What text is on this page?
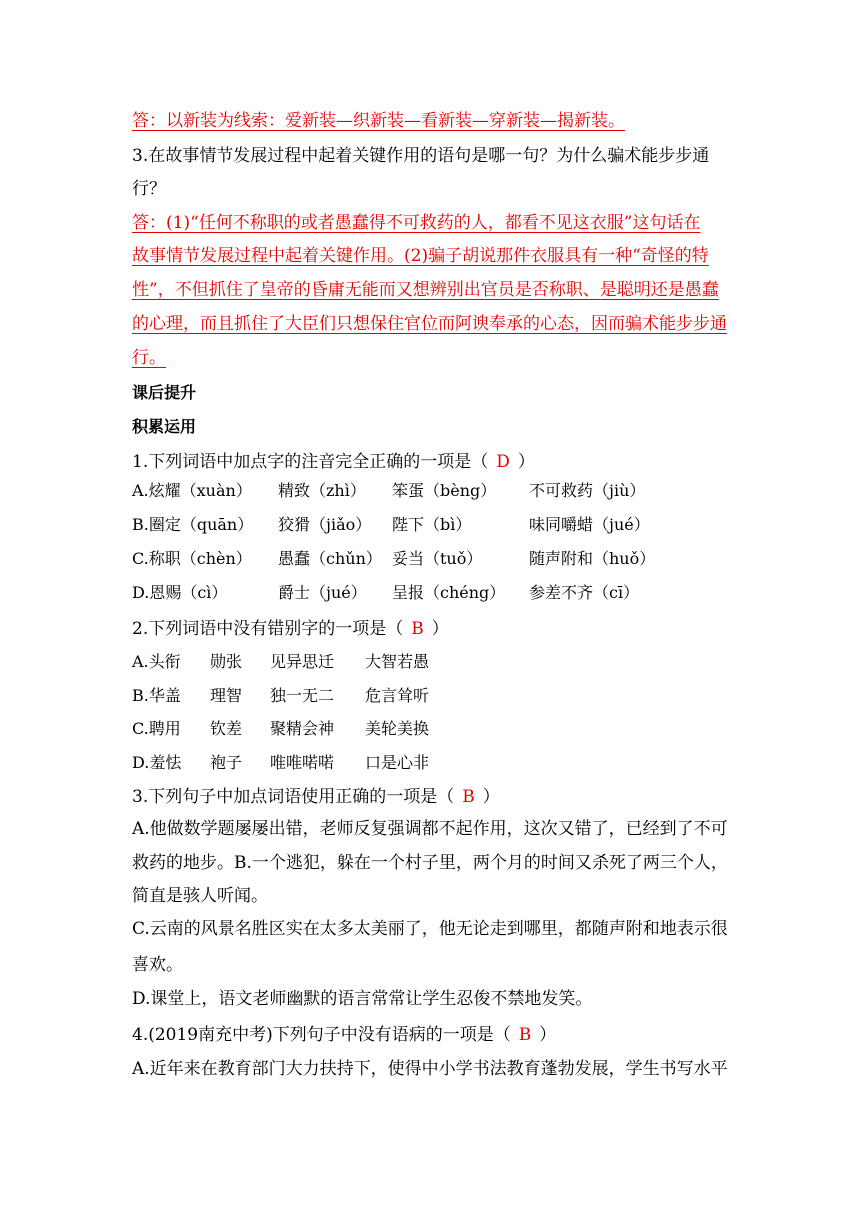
答：以新装为线索：爱新装—织新装—看新装—穿新装—揭新装。
3.在故事情节发展过程中起着关键作用的语句是哪一句？为什么骗术能步步通
行？
答：(1)“任何不称职的或者愚蠢得不可救药的人，都看不见这衣服”这句话在
故事情节发展过程中起着关键作用。(2)骗子胡说那件衣服具有一种“奇怪的特
性”，不但抓住了皇帝的昏庸无能而又想辨别出官员是否称职、是聪明还是愚蠢
的心理，而且抓住了大臣们只想保住官位而阿谀奉承的心态，因而骗术能步步通
行。
课后提升
积累运用
1.下列词语中加点字的注音完全正确的一项是（ D ）
A.炫耀（xuàn） 精致（zhì） 笨蛋（bèng） 不可救药（jiù）
B.圈定（quān） 狡猾（jiǎo） 陛下（bì）	味同嚼蜡（jué）
C.称职（chèn） 愚蠢（chǔn） 妥当（tuǒ）	随声附和（huǒ）
D.恩赐（cì）	爵士（jué） 呈报（chéng） 参差不齐（cī）
2.下列词语中没有错别字的一项是（ B ）
A.头衔 勋张 见异思迁 大智若愚
B.华盖 理智 独一无二 危言耸听
C.聘用 钦差 聚精会神 美轮美换
D.羞怯 袍子 唯唯喏喏 口是心非
3.下列句子中加点词语使用正确的一项是（ B ）
A.他做数学题屡屡出错，老师反复强调都不起作用，这次又错了，已经到了不可
救药的地步。B.一个逃犯，躲在一个村子里，两个月的时间又杀死了两三个人，
简直是骇人听闻。
C.云南的风景名胜区实在太多太美丽了，他无论走到哪里，都随声附和地表示很
喜欢。
D.课堂上，语文老师幽默的语言常常让学生忍俊不禁地发笑。
4.(2019南充中考)下列句子中没有语病的一项是（ B ）
A.近年来在教育部门大力扶持下，使得中小学书法教育蓬勃发展，学生书写水平
